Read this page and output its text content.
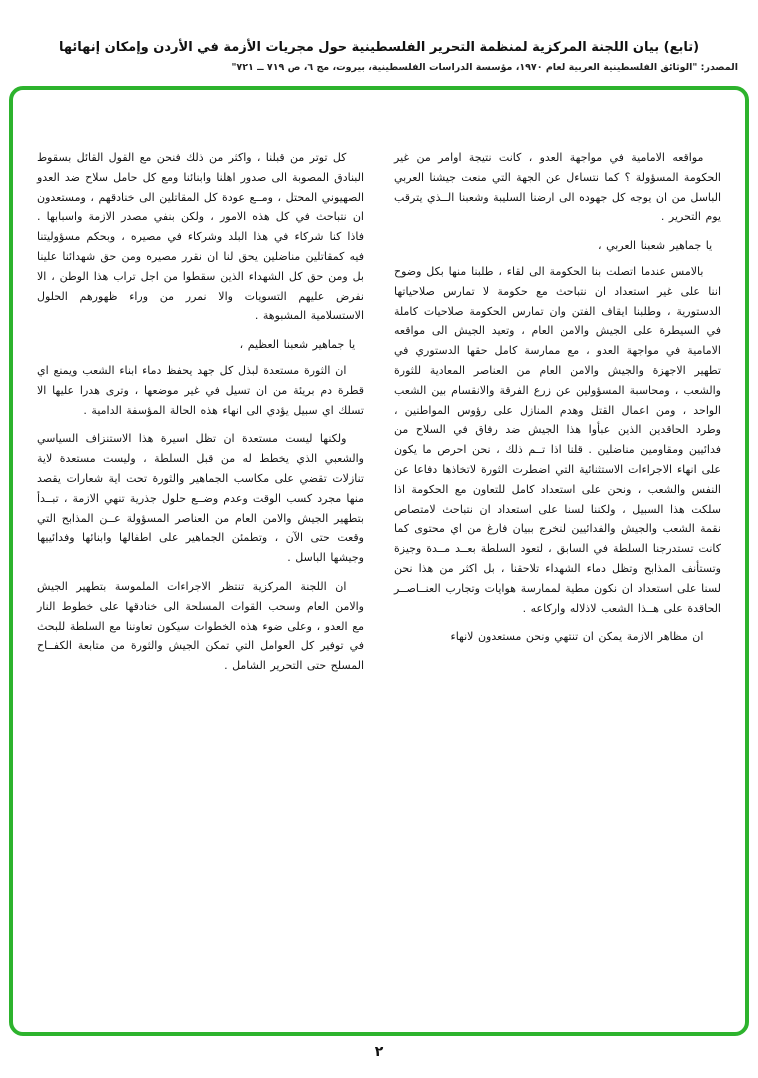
(تابع) بيان اللجنة المركزية لمنظمة التحرير الفلسطينية حول مجريات الأزمة في الأردن وإمكان إنهائها
المصدر: "الوثائق الفلسطينية العربية لعام ١٩٧٠، مؤسسة الدراسات الفلسطينية، بيروت، مج ٦، ص ٧١٩ ــ ٧٢١"

مواقعه الامامية في مواجهة العدو ، كانت نتيجة اوامر من غير الحكومة المسؤولة ؟ كما نتساءل عن الجهة التي منعت جيشنا العربي الباسل من ان يوجه كل جهوده الى ارضنا السليبة وشعبنا الــذي يترقب يوم التحرير .

يا جماهير شعبنا العربي ،

بالامس عندما اتصلت بنا الحكومة الى لقاء ، طلبنا منها بكل وضوح اننا على غير استعداد ان نتباحث مع حكومة لا تمارس صلاحياتها الدستورية ، وطلبنا ايقاف الفتن وان تمارس الحكومة صلاحيات كاملة في السيطرة على الجيش والامن العام ، وتعيد الجيش الى مواقعه الامامية في مواجهة العدو ، مع ممارسة كامل حقها الدستوري في تطهير الاجهزة والجيش والامن العام من العناصر المعادية للثورة والشعب ، ومحاسبة المسؤولين عن زرع الفرقة والانقسام بين الشعب الواحد ، ومن اعمال القتل وهدم المنازل على رؤوس المواطنين ، وطرد الحاقدين الذين عبأوا هذا الجيش ضد رفاق في السلاح من فدائيين ومقاومين مناضلين . قلنا اذا تــم ذلك ، نحن احرص ما يكون على انهاء الاجراءات الاستثنائية التي اضطرت الثورة لاتخاذها دفاعا عن النفس والشعب ، ونحن على استعداد كامل للتعاون مع الحكومة اذا سلكت هذا السبيل ، ولكننا لسنا على استعداد ان نتباحث لامتصاص نقمة الشعب والجيش والفدائيين لنخرج ببيان فارغ من اي محتوى كما كانت تستدرجنا السلطة في السابق ، لتعود السلطة بعــد مــدة وجيزة وتستأنف المذابح وتظل دماء الشهداء تلاحقنا ، بل اكثر من هذا نحن لسنا على استعداد ان نكون مطية لممارسة هوايات وتجارب العنــاصــر الحاقدة على هــذا الشعب لاذلاله واركاعه .

ان مظاهر الازمة يمكن ان تنتهي ونحن مستعدون لانهاء

كل توتر من قبلنا ، واكثر من ذلك فنحن مع القول القائل بسقوط البنادق المصوبة الى صدور اهلنا وابنائنا ومع كل حامل سلاح ضد العدو الصهيوني المحتل ، ومــع عودة كل المقاتلين الى خنادقهم ، ومستعدون ان نتباحث في كل هذه الامور ، ولكن بنفي مصدر الازمة واسبابها . فاذا كنا شركاء في هذا البلد وشركاء في مصيره ، وبحكم مسؤوليتنا فيه كمقاتلين مناضلين يحق لنا ان نقرر مصيره ومن حق شهدائنا علينا بل ومن حق كل الشهداء الذين سقطوا من اجل تراب هذا الوطن ، الا نفرض عليهم التسويات والا نمرر من وراء ظهورهم الحلول الاستسلامية المشبوهة .

يا جماهير شعبنا العظيم ،

ان الثورة مستعدة لبذل كل جهد يحفظ دماء ابناء الشعب ويمنع اي قطرة دم بريئة من ان تسيل في غير موضعها ، وترى هدرا عليها الا تسلك اي سبيل يؤدي الى انهاء هذه الحالة المؤسفة الدامية .

ولكنها ليست مستعدة ان تظل اسيرة هذا الاستنزاف السياسي والشعبي الذي يخطط له من قبل السلطة ، وليست مستعدة لاية تنازلات تقضي على مكاسب الجماهير والثورة تحت اية شعارات يقصد منها مجرد كسب الوقت وعدم وضــع حلول جذرية تنهي الازمة ، تبــدأ بتطهير الجيش والامن العام من العناصر المسؤولة عــن المذابح التي وقعت حتى الآن ، وتطمئن الجماهير على اطفالها وابنائها وفدائييها وجيشها الباسل .

ان اللجنة المركزية تنتظر الاجراءات الملموسة بتطهير الجيش والامن العام وسحب القوات المسلحة الى خنادقها على خطوط النار مع العدو ، وعلى ضوء هذه الخطوات سيكون تعاوننا مع السلطة للبحث في توفير كل العوامل التي تمكن الجيش والثورة من متابعة الكفــاح المسلح حتى التحرير الشامل .

٢
